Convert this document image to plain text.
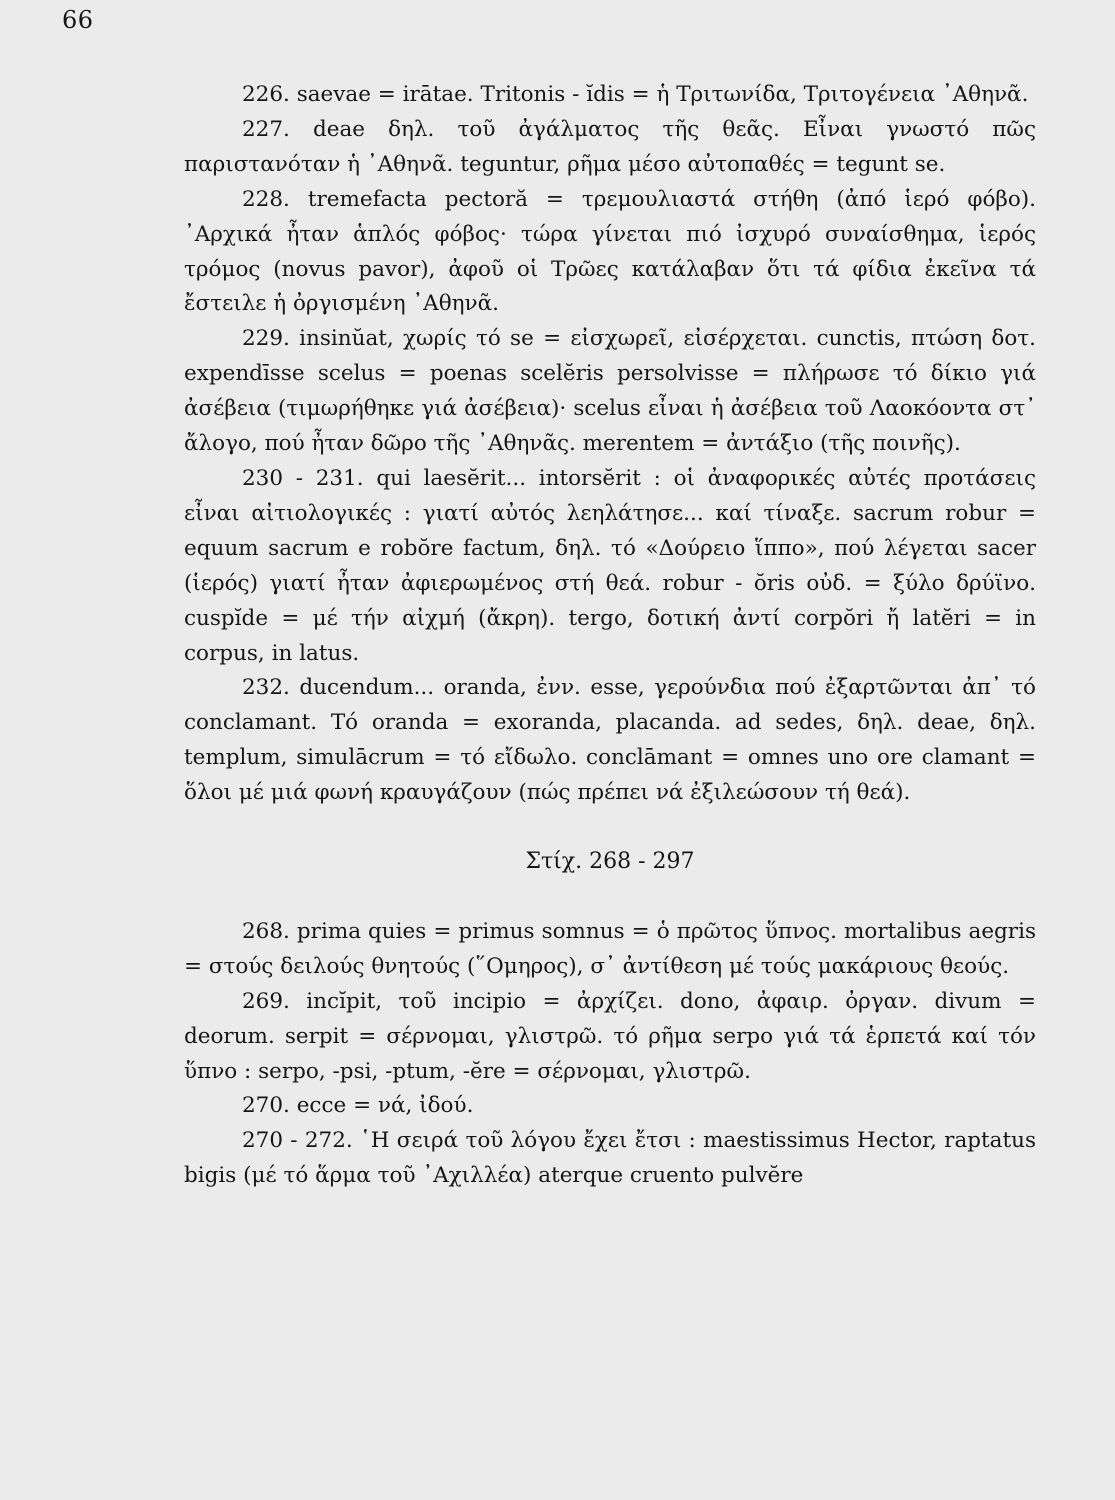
66

226. saevae = irātae. Tritonis - ĭdis = ἡ Τριτωνίδα, Τριτογένεια ᾿Αθηνᾶ.

227. deae δηλ. τοῦ ἀγάλματος τῆς θεᾶς. Εἶναι γνωστό πῶς παριστανόταν ἡ ᾿Αθηνᾶ. teguntur, ρῆμα μέσο αὐτοπαθές = tegunt se.

228. tremefacta pectoră = τρεμουλιαστά στήθη (ἀπό ἱερό φόβο). ᾿Αρχικά ἦταν ἁπλός φόβος· τώρα γίνεται πιό ἰσχυρό συναίσθημα, ἱερός τρόμος (novus pavor), ἀφοῦ οἱ Τρῶες κατάλαβαν ὅτι τά φίδια ἐκεῖνα τά ἔστειλε ἡ ὀργισμένη ᾿Αθηνᾶ.

229. insinŭat, χωρίς τό se = εἰσχωρεῖ, εἰσέρχεται. cunctis, πτώση δοτ. expendīsse scelus = poenas scelĕris persolvisse = πλήρωσε τό δίκιο γιά ἀσέβεια (τιμωρήθηκε γιά ἀσέβεια)· scelus εἶναι ἡ ἀσέβεια τοῦ Λαοκόοντα στ᾿ ἄλογο, πού ἦταν δῶρο τῆς ᾿Αθηνᾶς. merentem = ἀντάξιο (τῆς ποινῆς).

230 - 231. qui laesĕrit... intorsĕrit : οἱ ἀναφορικές αὐτές προτάσεις εἶναι αἰτιολογικές : γιατί αὐτός λεηλάτησε... καί τίναξε. sacrum robur = equum sacrum e robŏre factum, δηλ. τό «Δούρειο ἵππο», πού λέγεται sacer (ἱερός) γιατί ἦταν ἀφιερωμένος στή θεά. robur - ŏris οὐδ. = ξύλο δρύϊνο. cuspĭde = μέ τήν αἰχμή (ἄκρη). tergo, δοτική ἀντί corpŏri ἤ latĕri = in corpus, in latus.

232. ducendum... oranda, ἐνν. esse, γερούνδια πού ἐξαρτῶνται ἀπ᾿ τό conclamant. Τό oranda = exoranda, placanda. ad sedes, δηλ. deae, δηλ. templum, simulācrum = τό εἴδωλο. conclāmant = omnes uno ore clamant = ὅλοι μέ μιά φωνή κραυγάζουν (πώς πρέπει νά ἐξιλεώσουν τή θεά).

Στίχ. 268 - 297

268. prima quies = primus somnus = ὁ πρῶτος ὕπνος. mortalibus aegris = στούς δειλούς θνητούς (῞Ομηρος), σ᾿ ἀντίθεση μέ τούς μακάριους θεούς.

269. incĭpit, τοῦ incipio = ἀρχίζει. dono, ἀφαιρ. ὀργαν. divum = deorum. serpit = σέρνομαι, γλιστρῶ. τό ρῆμα serpo γιά τά ἑρπετά καί τόν ὕπνο : serpo, -psi, -ptum, -ĕre = σέρνομαι, γλιστρῶ.

270. ecce = νά, ἰδού.

270 - 272. ῾Η σειρά τοῦ λόγου ἔχει ἔτσι : maestissimus Hector, raptatus bigis (μέ τό ἅρμα τοῦ ᾿Αχιλλέα) aterque cruento pulvĕre
